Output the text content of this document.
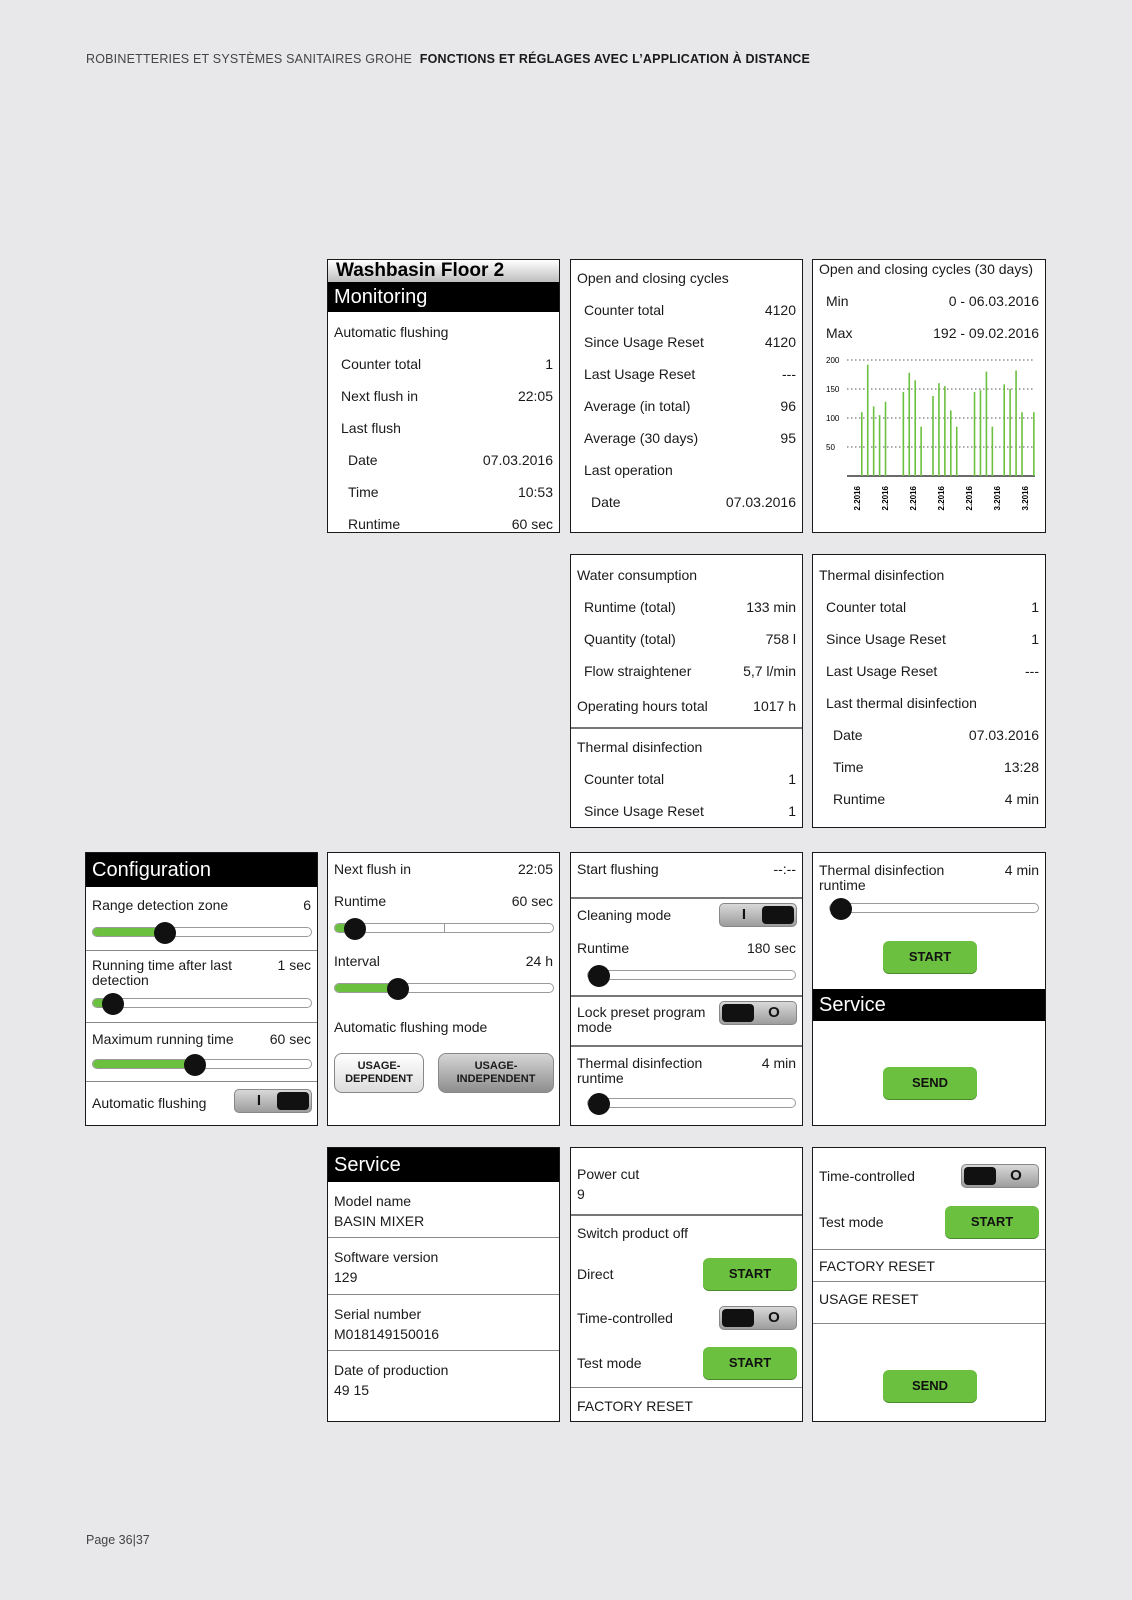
ROBINETTERIES ET SYSTÈMES SANITAIRES GROHE FONCTIONS ET RÉGLAGES AVEC L’APPLICATION À DISTANCE
Washbasin Floor 2
Monitoring
Automatic flushing
Counter total	1
Next flush in	22:05
Last flush
Date	07.03.2016
Time	10:53
Runtime	60 sec
Open and closing cycles
Counter total	4120
Since Usage Reset	4120
Last Usage Reset	---
Average (in total)	96
Average (30 days)	95
Last operation
Date	07.03.2016
Open and closing cycles (30 days)
Min	0 - 06.03.2016
Max	192 - 09.02.2016
50
100
150
200
2.2016 2.2016 2.2016 2.2016 2.2016 3.2016 3.2016
Water consumption
Runtime (total)	133 min
Quantity (total)	758 l
Flow straightener	5,7 l/min
Operating hours total	1017 h
Thermal disinfection
Counter total	1
Since Usage Reset	1
Thermal disinfection
Counter total	1
Since Usage Reset	1
Last Usage Reset	---
Last thermal disinfection
Date	07.03.2016
Time	13:28
Runtime	4 min
Configuration
Range detection zone	6
Running time after last detection
1 sec
Maximum running time	60 sec
Automatic flushing	I
Next flush in	22:05
Runtime	60 sec
Interval	24 h
Automatic flushing mode
USAGE-
DEPENDENT
USAGE-
INDEPENDENT
Start flushing	--:--
Cleaning mode	I
Runtime	180 sec
Lock preset program mode
O
Thermal disinfection runtime
4 min
Thermal disinfection runtime
4 min
START
Service
SEND
Service
Model name
BASIN MIXER
Software version
129
Serial number
M018149150016
Date of production
49 15
Power cut
9
Switch product off
Direct	START
Time-controlled	O
Test mode	START
FACTORY RESET
Time-controlled	O
Test mode	START
FACTORY RESET
USAGE RESET
SEND
Page 36|37
